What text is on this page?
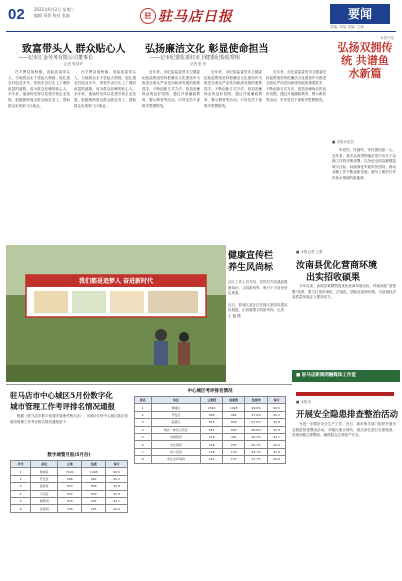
02 2021年6月2日 星期三
编辑 刘蓓 校对 张磊	驻 驻马店日报	要闻
责编: 刘蓓 美编: 王涛
致富带头人 群众贴心人
——记市汇金劳务有限公司董事长
记者 张国华

在平舆县射桥镇，说起致富带头人，当地群众无不竖起大拇指。他扎根农村创业多年，带领乡亲们走上了增收致富的道路，成为群众信赖的贴心人。多年来，他始终坚持以党建引领企业发展，积极吸纳周边群众就近务工，帮助群众实现家门口就业。

在平舆县射桥镇，说起致富带头人，当地群众无不竖起大拇指。他扎根农村创业多年，带领乡亲们走上了增收致富的道路，成为群众信赖的贴心人。多年来，他始终坚持以党建引领企业发展，积极吸纳周边群众就近务工，帮助群众实现家门口就业。

弘扬廉洁文化 彰显使命担当
——记市纪委监委驻市卫健委纪检监察组
记者 张 恒

近年来，市纪委监委驻市卫健委纪检监察组坚持把廉洁文化建设作为推进全面从严治党向纵深发展的重要抓手，不断创新方式方法，营造崇廉尚洁的良好氛围。通过开展廉政教育、警示教育等活动，引导党员干部筑牢思想防线。

近年来，市纪委监委驻市卫健委纪检监察组坚持把廉洁文化建设作为推进全面从严治党向纵深发展的重要抓手，不断创新方式方法，营造崇廉尚洁的良好氛围。通过开展廉政教育、警示教育等活动，引导党员干部筑牢思想防线。

近年来，市纪委监委驻市卫健委纪检监察组坚持把廉洁文化建设作为推进全面从严治党向纵深发展的重要抓手，不断创新方式方法，营造崇廉尚洁的良好氛围。通过开展廉政教育、警示教育等活动，引导党员干部筑牢思想防线。

本报评论
弘扬双拥传统 共谱鱼水新篇
■ 本报评论员

军爱民，民拥军，军民团结如一人。近年来，我市认真贯彻落实党中央关于双拥工作的决策部署，以争创全国双拥模范城为目标，持续深化军政军民团结，推动双拥工作不断创新发展，谱写了新时代军民鱼水情深的新篇章。

我们都是追梦人 奋进新时代
健康宣传栏
养生风尚标
社区工作人员介绍，宣传栏内容涵盖健康知识、文明新风等，吸引不少居民驻足观看。
近日，驿城区某社区在辖区游园设置宣传展板，弘扬健康文明新风尚。记者 王 磊 摄
■ 本报记者 王勇
汝南县优化营商环境
出实招收硕果

今年以来，汝南县紧紧围绕优化营商环境目标，持续深化“放管服”改革，着力打造市场化、法治化、国际化营商环境，为县域经济高质量发展注入强劲动力。

■ 驻马店新闻网融媒体工作室
■ 本报讯
开展安全隐患排查整治活动

为进一步做好安全生产工作，近日，我市相关部门组织开展安全隐患排查整治活动，对辖区重点场所、重点部位进行全面检查，发现问题立即整改，确保群众生命财产安全。

驻马店市中心城区5月份数字化
城市管理工作考评排名情况通报

根据《驻马店市数字化城市管理考核办法》，现将5月份中心城区数字化城市管理工作考评排名情况通报如下：

中心城区考评排名情况
排名	单位	立案数	结案数	结案率	得分
1	驿城区	1520	1498	98.6%	96.5
2	开发区	986	962	97.6%	95.2
3	高新区	874	848	97.0%	94.8
4	城乡一体化示范区	652	630	96.6%	93.9
5	市城管局	418	402	96.2%	93.1
6	市住建局	236	225	95.3%	92.4
7	市公安局	188	178	94.7%	91.6
8	市生态环境局	142	133	93.7%	90.8
数字城管月报(5月份)
序号	单位	立案	结案	得分
1	驿城区	1520	1498	96.5
2	开发区	986	962	95.2
3	高新区	874	848	94.8
4	示范区	652	630	93.9
5	城管局	418	402	93.1
6	住建局	236	225	92.4
